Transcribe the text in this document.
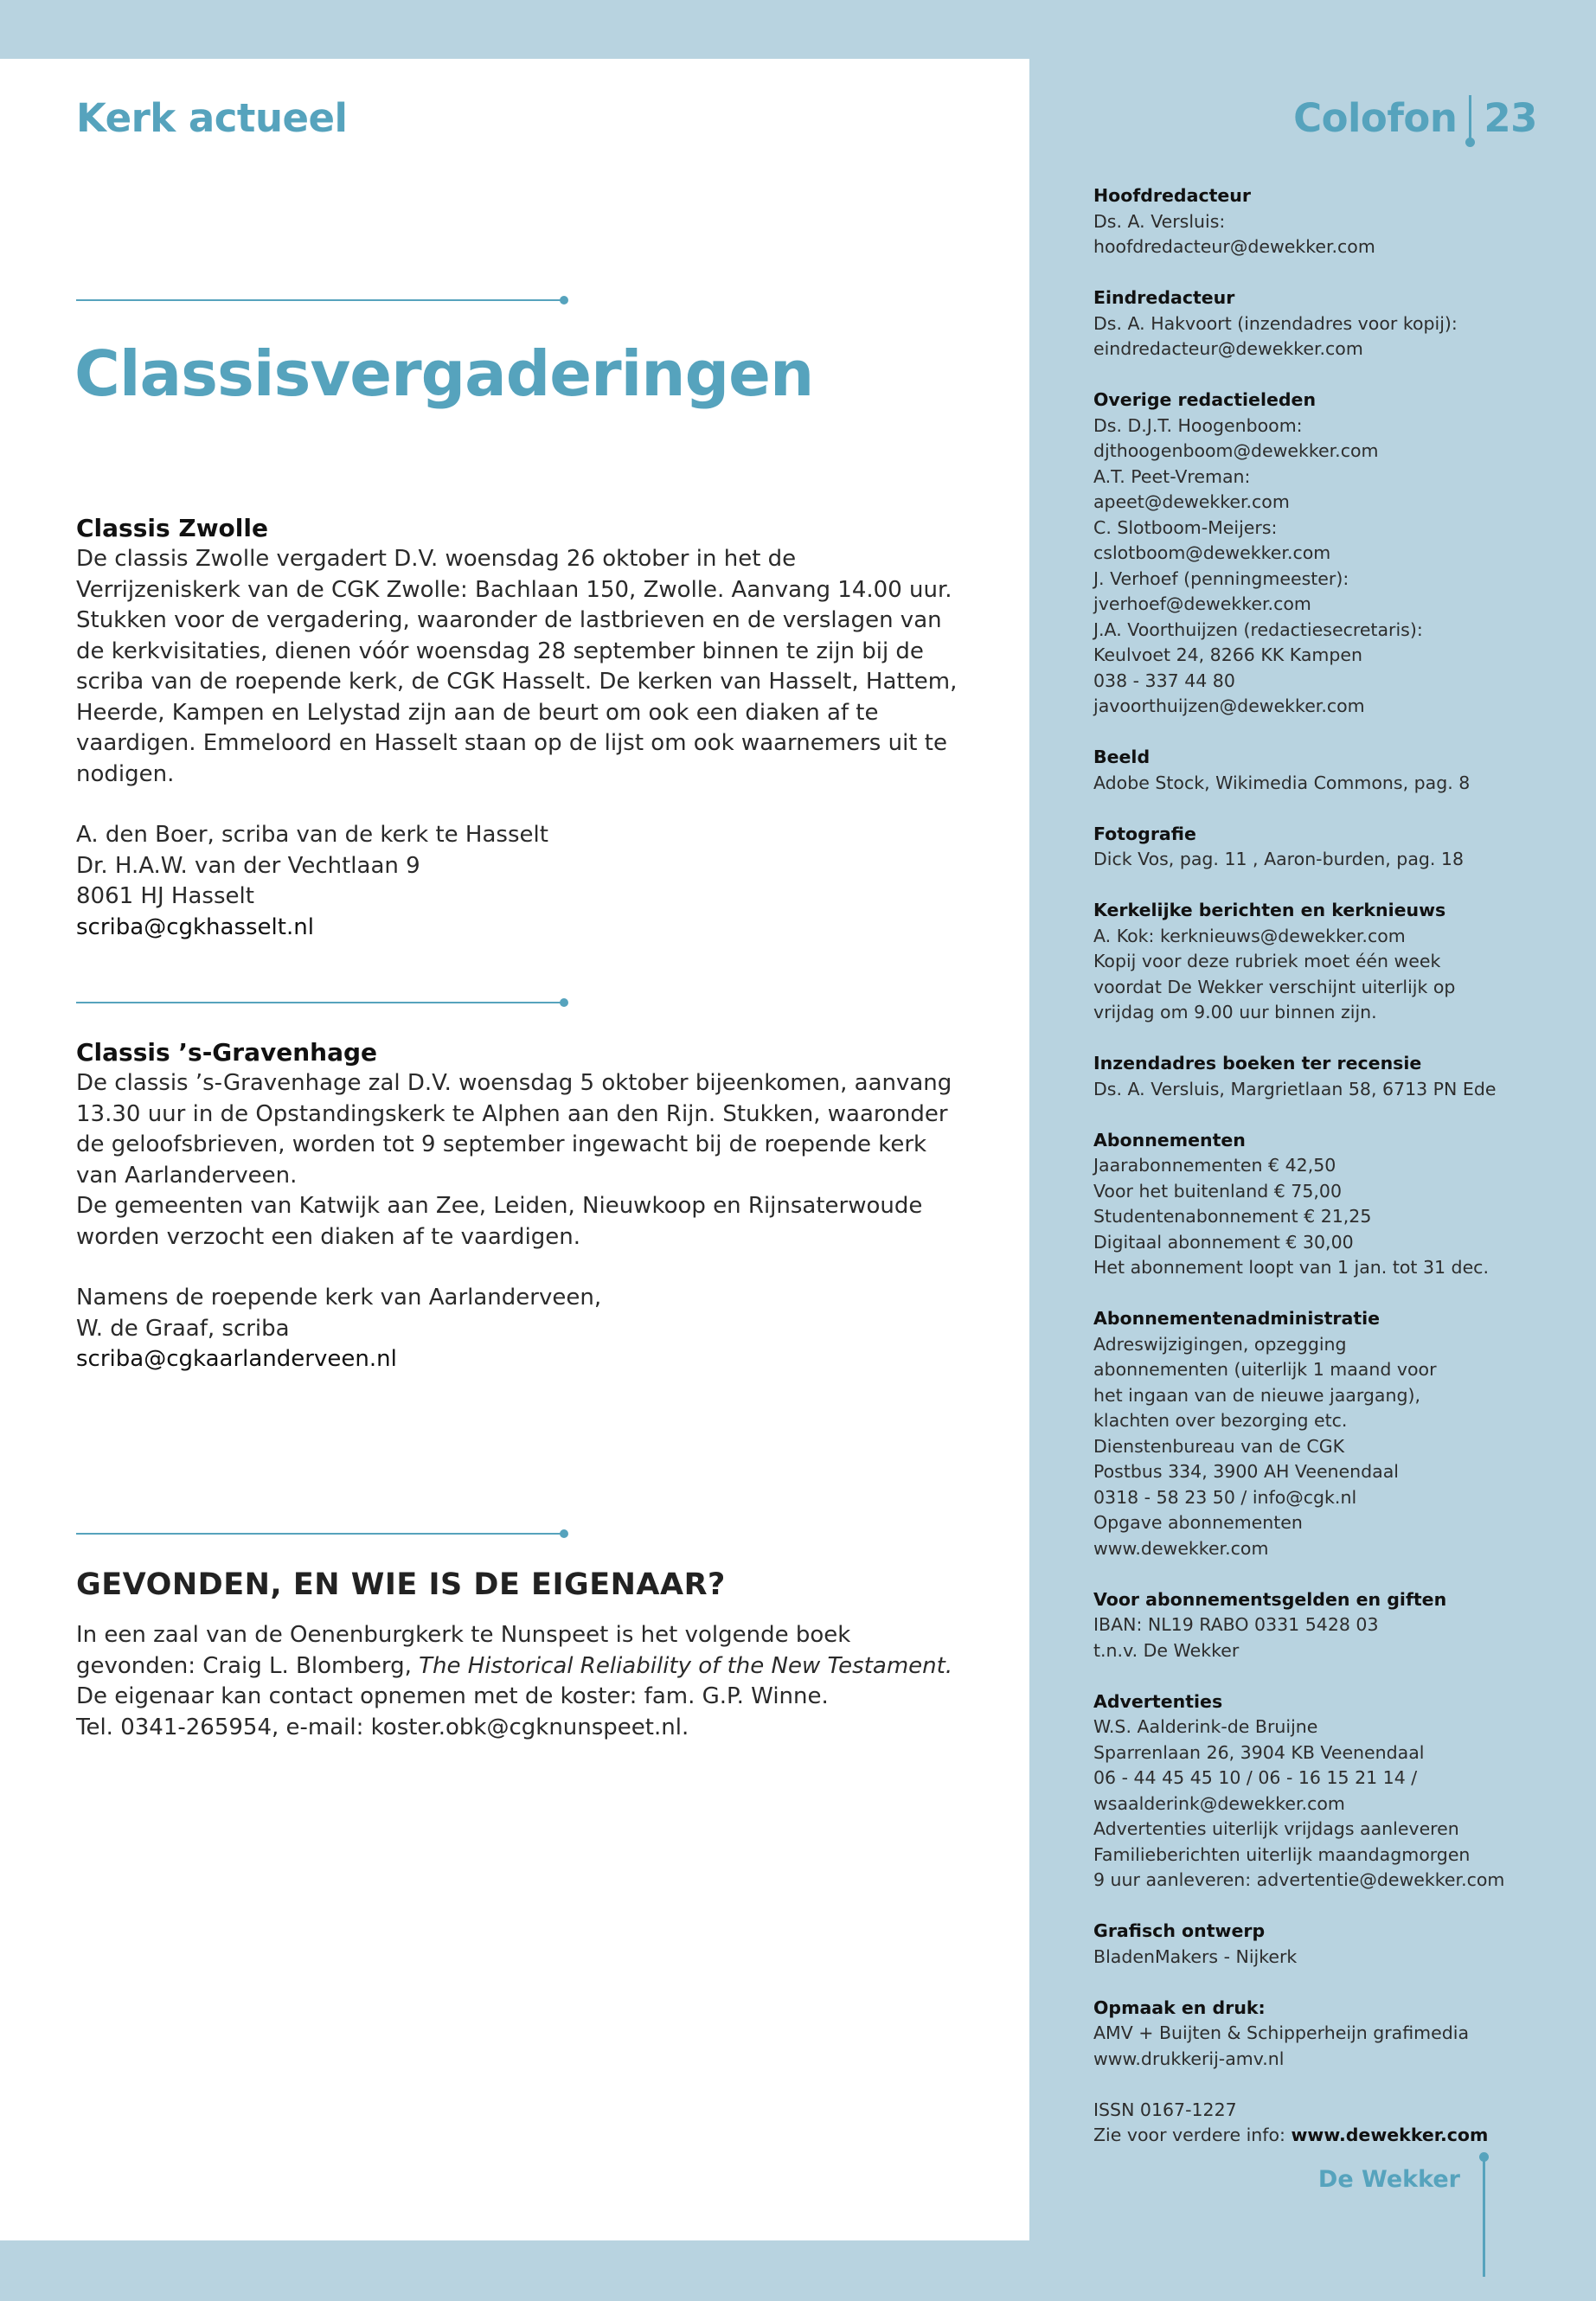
Kerk actueel	Colofon 23
Classisvergaderingen
Classis Zwolle

De classis Zwolle vergadert D.V. woensdag 26 oktober in het de Verrijzeniskerk van de CGK Zwolle: Bachlaan 150, Zwolle. Aanvang 14.00 uur. Stukken voor de vergadering, waaronder de lastbrieven en de verslagen van de kerkvisitaties, dienen vóór woensdag 28 september binnen te zijn bij de scriba van de roepende kerk, de CGK Hasselt. De kerken van Hasselt, Hattem, Heerde, Kampen en Lelystad zijn aan de beurt om ook een diaken af te vaardigen. Emmeloord en Hasselt staan op de lijst om ook waarnemers uit te nodigen.

A. den Boer, scriba van de kerk te Hasselt

Dr. H.A.W. van der Vechtlaan 9

8061 HJ Hasselt

scriba@cgkhasselt.nl

Classis ’s-Gravenhage

De classis ’s-Gravenhage zal D.V. woensdag 5 oktober bijeenkomen, aanvang 13.30 uur in de Opstandingskerk te Alphen aan den Rijn. Stukken, waaronder de geloofsbrieven, worden tot 9 september ingewacht bij de roepende kerk van Aarlanderveen.

De gemeenten van Katwijk aan Zee, Leiden, Nieuwkoop en Rijnsaterwoude worden verzocht een diaken af te vaardigen.

Namens de roepende kerk van Aarlanderveen,

W. de Graaf, scriba

scriba@cgkaarlanderveen.nl

GEVONDEN, EN WIE IS DE EIGENAAR?

In een zaal van de Oenenburgkerk te Nunspeet is het volgende boek gevonden: Craig L. Blomberg, The Historical Reliability of the New Testament. De eigenaar kan contact opnemen met de koster: fam. G.P. Winne.

Tel. 0341-265954, e-mail: koster.obk@cgknunspeet.nl.

Hoofdredacteur
Ds. A. Versluis:
hoofdredacteur@dewekker.com
Eindredacteur
Ds. A. Hakvoort (inzendadres voor kopij):
eindredacteur@dewekker.com
Overige redactieleden
Ds. D.J.T. Hoogenboom:
djthoogenboom@dewekker.com
A.T. Peet-Vreman:
apeet@dewekker.com
C. Slotboom-Meijers:
cslotboom@dewekker.com
J. Verhoef (penningmeester):
jverhoef@dewekker.com
J.A. Voorthuijzen (redactiesecretaris):
Keulvoet 24, 8266 KK Kampen
038 - 337 44 80
javoorthuijzen@dewekker.com
Beeld
Adobe Stock, Wikimedia Commons, pag. 8
Fotografie
Dick Vos, pag. 11 , Aaron-burden, pag. 18
Kerkelijke berichten en kerknieuws
A. Kok: kerknieuws@dewekker.com
Kopij voor deze rubriek moet één week
voordat De Wekker verschijnt uiterlijk op
vrijdag om 9.00 uur binnen zijn.
Inzendadres boeken ter recensie
Ds. A. Versluis, Margrietlaan 58, 6713 PN Ede
Abonnementen
Jaarabonnementen € 42,50
Voor het buitenland € 75,00
Studentenabonnement € 21,25
Digitaal abonnement € 30,00
Het abonnement loopt van 1 jan. tot 31 dec.
Abonnementenadministratie
Adreswijzigingen, opzegging
abonnementen (uiterlijk 1 maand voor
het ingaan van de nieuwe jaargang),
klachten over bezorging etc.
Dienstenbureau van de CGK
Postbus 334, 3900 AH Veenendaal
0318 - 58 23 50 / info@cgk.nl
Opgave abonnementen
www.dewekker.com
Voor abonnementsgelden en giften
IBAN: NL19 RABO 0331 5428 03
t.n.v. De Wekker
Advertenties
W.S. Aalderink-de Bruijne
Sparrenlaan 26, 3904 KB Veenendaal
06 - 44 45 45 10 / 06 - 16 15 21 14 /
wsaalderink@dewekker.com
Advertenties uiterlijk vrijdags aanleveren
Familieberichten uiterlijk maandagmorgen
9 uur aanleveren: advertentie@dewekker.com
Grafisch ontwerp
BladenMakers - Nijkerk
Opmaak en druk:
AMV + Buijten & Schipperheijn grafimedia
www.drukkerij-amv.nl
ISSN 0167-1227
Zie voor verdere info: www.dewekker.com
De Wekker
